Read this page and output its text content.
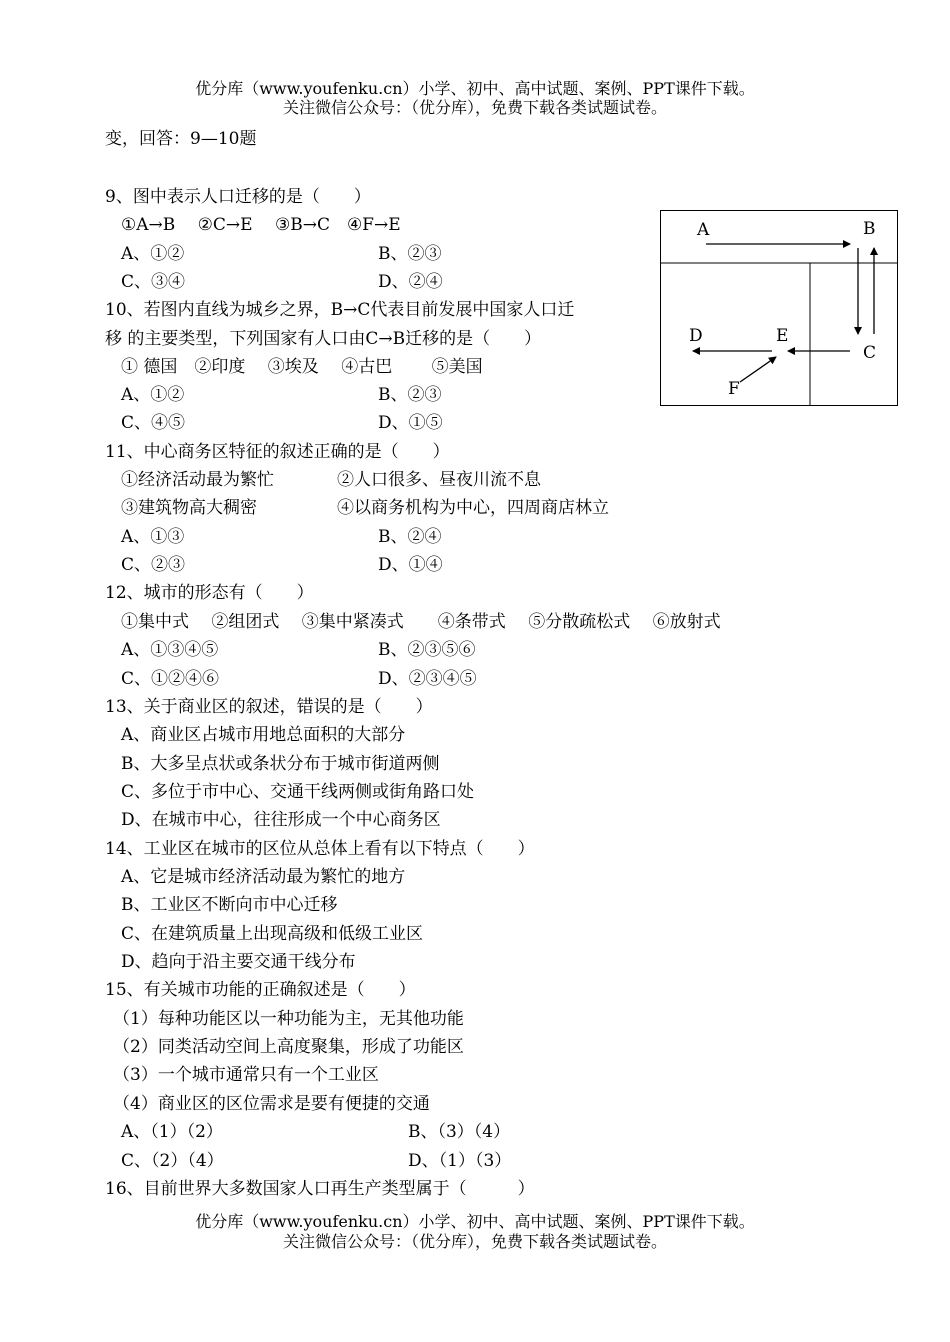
优分库（www.youfenku.cn）小学、初中、高中试题、案例、PPT课件下载。
关注微信公众号：（优分库），免费下载各类试题试卷。
变，回答：9—10题
9、图中表示人口迁移的是（　　）
①A→B　 ②C→E　 ③B→C　④F→E
A、①②	B、②③
C、③④	D、②④
10、若图内直线为城乡之界，B→C代表目前发展中国家人口迁
移 的主要类型，下列国家有人口由C→B迁移的是（　　）
① 德国　②印度　 ③埃及　 ④古巴　　 ⑤美国
A、①②	B、②③
C、④⑤	D、①⑤
11、中心商务区特征的叙述正确的是（　　）
①经济活动最为繁忙	②人口很多、昼夜川流不息
③建筑物高大稠密	④以商务机构为中心，四周商店林立
A、①③	B、②④
C、②③	D、①④
12、城市的形态有（　　）
①集中式　 ②组团式　 ③集中紧凑式　　④条带式　 ⑤分散疏松式　 ⑥放射式
A、①③④⑤	B、②③⑤⑥
C、①②④⑥	D、②③④⑤
13、关于商业区的叙述，错误的是（　　）
A、商业区占城市用地总面积的大部分
B、大多呈点状或条状分布于城市街道两侧
C、多位于市中心、交通干线两侧或街角路口处
D、在城市中心，往往形成一个中心商务区
14、工业区在城市的区位从总体上看有以下特点（　　）
A、它是城市经济活动最为繁忙的地方
B、工业区不断向市中心迁移
C、在建筑质量上出现高级和低级工业区
D、趋向于沿主要交通干线分布
15、有关城市功能的正确叙述是（　　）
（1）每种功能区以一种功能为主，无其他功能
（2）同类活动空间上高度聚集，形成了功能区
（3）一个城市通常只有一个工业区
（4）商业区的区位需求是要有便捷的交通
A、（1）（2）	B、（3）（4）
C、（2）（4）	D、（1）（3）
16、目前世界大多数国家人口再生产类型属于（　　　）
优分库（www.youfenku.cn）小学、初中、高中试题、案例、PPT课件下载。
关注微信公众号：（优分库），免费下载各类试题试卷。
A	B
C
D	E
F
